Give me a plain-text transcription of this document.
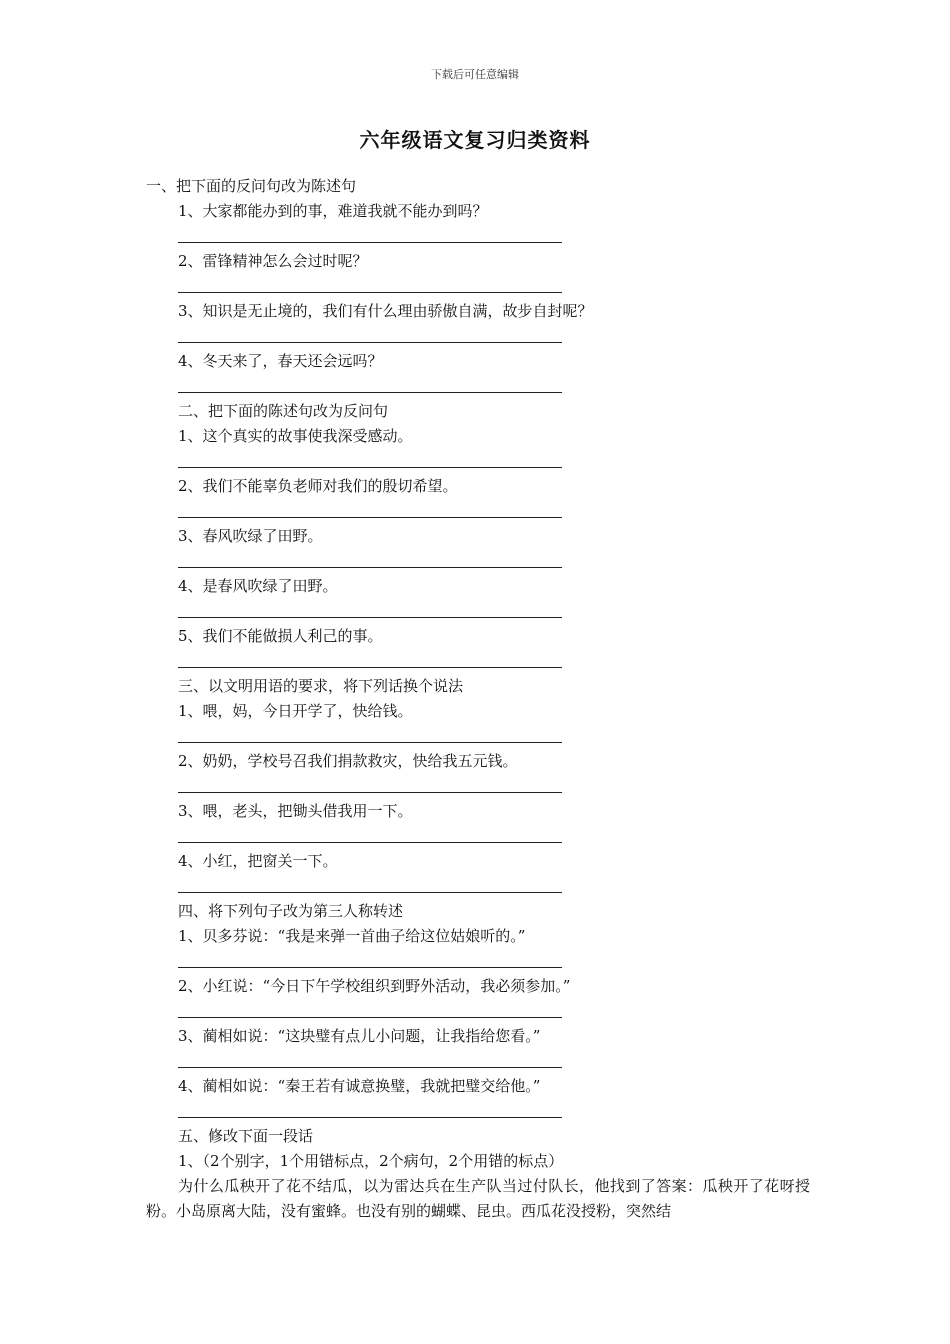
下载后可任意编辑
六年级语文复习归类资料
一、把下面的反问句改为陈述句
1、大家都能办到的事，难道我就不能办到吗？
2、雷锋精神怎么会过时呢？
3、知识是无止境的，我们有什么理由骄傲自满，故步自封呢？
4、冬天来了，春天还会远吗？
二、把下面的陈述句改为反问句
1、这个真实的故事使我深受感动。
2、我们不能辜负老师对我们的殷切希望。
3、春风吹绿了田野。
4、是春风吹绿了田野。
5、我们不能做损人利己的事。
三、以文明用语的要求，将下列话换个说法
1、喂，妈，今日开学了，快给钱。
2、奶奶，学校号召我们捐款救灾，快给我五元钱。
3、喂，老头，把锄头借我用一下。
4、小红，把窗关一下。
四、将下列句子改为第三人称转述
1、贝多芬说：“我是来弹一首曲子给这位姑娘听的。”
2、小红说：“今日下午学校组织到野外活动，我必须参加。”
3、蔺相如说：“这块璧有点儿小问题，让我指给您看。”
4、蔺相如说：“秦王若有诚意换璧，我就把璧交给他。”
五、修改下面一段话
1、（2个别字，1个用错标点，2个病句，2个用错的标点）

为什么瓜秧开了花不结瓜，以为雷达兵在生产队当过付队长，他找到了答案：瓜秧开了花呀授粉。小岛原离大陆，没有蜜蜂。也没有别的蝴蝶、昆虫。西瓜花没授粉，突然结
